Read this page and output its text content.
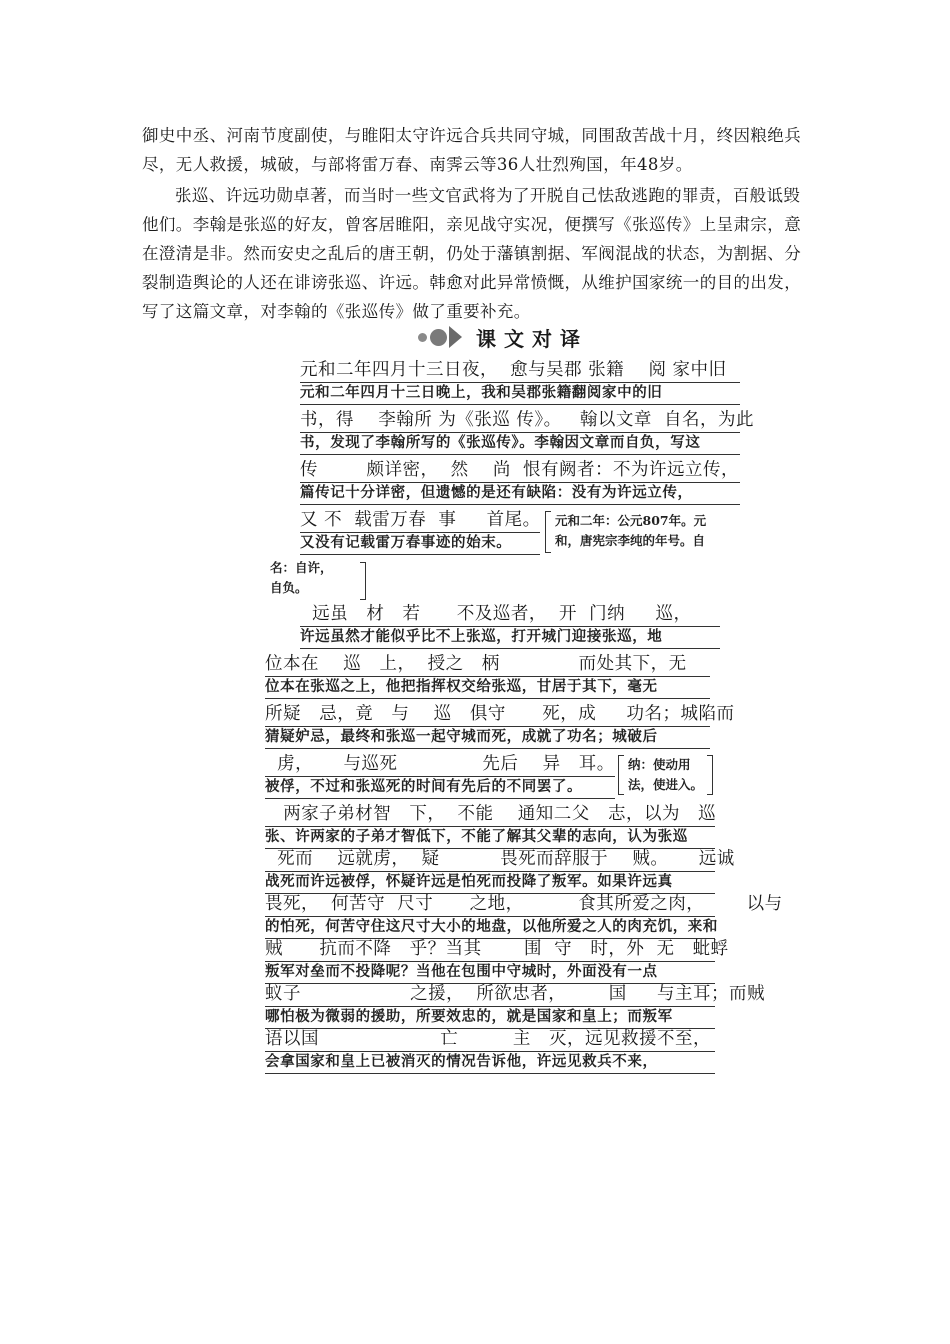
御史中丞、河南节度副使，与睢阳太守许远合兵共同守城，同围敌苦战十月，终因粮绝兵

尽，无人救援，城破，与部将雷万春、南霁云等36人壮烈殉国，年48岁。

张巡、许远功勋卓著，而当时一些文官武将为了开脱自己怯敌逃跑的罪责，百般诋毁

他们。李翰是张巡的好友，曾客居睢阳，亲见战守实况，便撰写《张巡传》上呈肃宗，意

在澄清是非。然而安史之乱后的唐王朝，仍处于藩镇割据、军阀混战的状态，为割据、分

裂制造舆论的人还在诽谤张巡、许远。韩愈对此异常愤慨，从维护国家统一的目的出发，

写了这篇文章，对李翰的《张巡传》做了重要补充。

课文对译
元和二年四月十三日夜，  愈与吴郡 张籍    阅 家中旧
元和二年四月十三日晚上，我和吴郡张籍翻阅家中的旧
书，得    李翰所 为《张巡 传》。   翰以文章  自名，为此
书，发现了李翰所写的《张巡传》。李翰因文章而自负，写这
传        颇详密，  然    尚  恨有阙者：不为许远立传，
篇传记十分详密，但遗憾的是还有缺陷：没有为许远立传，
又 不  载雷万春  事     首尾。
又没有记载雷万春事迹的始末。
元和二年：公元807年。元
和，唐宪宗李纯的年号。自
名：自许，
自负。
远虽   材   若      不及巡者，  开  门纳     巡，
许远虽然才能似乎比不上张巡，打开城门迎接张巡，地
位本在    巡   上，  授之   柄             而处其下，无
位本在张巡之上，他把指挥权交给张巡，甘居于其下，毫无
所疑   忌，竟   与    巡   俱守      死，成     功名；城陷而
猜疑妒忌，最终和张巡一起守城而死，成就了功名；城破后
虏，     与巡死              先后    异   耳。
被俘，不过和张巡死的时间有先后的不同罢了。
纳：使动用
法，使进入。
两家子弟材智   下，  不能    通知二父   志，以为   巡
张、许两家的子弟才智低下，不能了解其父辈的志向，认为张巡
死而    远就虏，  疑          畏死而辞服于    贼。     远诚
战死而许远被俘，怀疑许远是怕死而投降了叛军。如果许远真
畏死，  何苦守  尺寸      之地，         食其所爱之肉，       以与
的怕死，何苦守住这尺寸大小的地盘，以他所爱之人的肉充饥，来和
贼      抗而不降   乎？当其       围  守   时，外  无   蚍蜉
叛军对垒而不投降呢？当他在包围中守城时，外面没有一点
蚁子                  之援，  所欲忠者，       国     与主耳；而贼
哪怕极为微弱的援助，所要效忠的，就是国家和皇上；而叛军
语以国                    亡         主   灭，远见救援不至，
会拿国家和皇上已被消灭的情况告诉他，许远见救兵不来，
